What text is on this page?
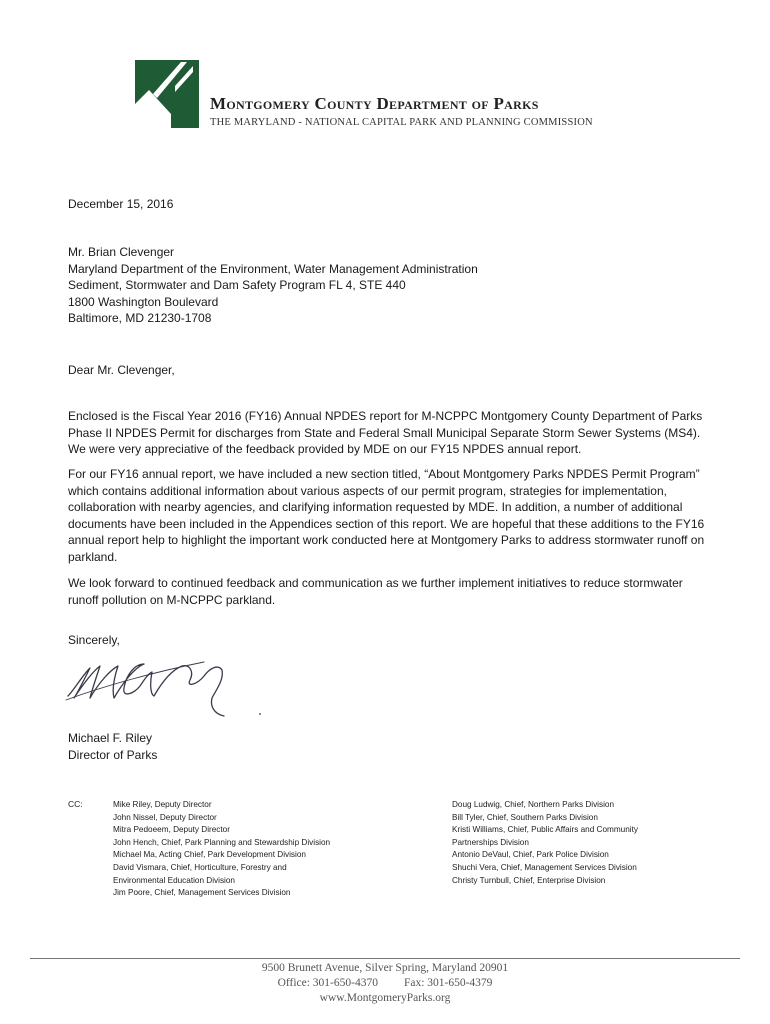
Montgomery County Department of Parks
THE MARYLAND - NATIONAL CAPITAL PARK AND PLANNING COMMISSION
December 15, 2016
Mr. Brian Clevenger
Maryland Department of the Environment, Water Management Administration
Sediment, Stormwater and Dam Safety Program FL 4, STE 440
1800 Washington Boulevard
Baltimore, MD 21230-1708
Dear Mr. Clevenger,

Enclosed is the Fiscal Year 2016 (FY16) Annual NPDES report for M-NCPPC Montgomery County Department of Parks Phase II NPDES Permit for discharges from State and Federal Small Municipal Separate Storm Sewer Systems (MS4). We were very appreciative of the feedback provided by MDE on our FY15 NPDES annual report.

For our FY16 annual report, we have included a new section titled, “About Montgomery Parks NPDES Permit Program” which contains additional information about various aspects of our permit program, strategies for implementation, collaboration with nearby agencies, and clarifying information requested by MDE. In addition, a number of additional documents have been included in the Appendices section of this report. We are hopeful that these additions to the FY16 annual report help to highlight the important work conducted here at Montgomery Parks to address stormwater runoff on parkland.

We look forward to continued feedback and communication as we further implement initiatives to reduce stormwater runoff pollution on M-NCPPC parkland.

Sincerely,
Michael F. Riley
Director of Parks
CC:	Mike Riley, Deputy Director
John Nissel, Deputy Director
Mitra Pedoeem, Deputy Director
John Hench, Chief, Park Planning and Stewardship Division
Michael Ma, Acting Chief, Park Development Division
David Vismara, Chief, Horticulture, Forestry and
Environmental Education Division
Jim Poore, Chief, Management Services Division
Doug Ludwig, Chief, Northern Parks Division
Bill Tyler, Chief, Southern Parks Division
Kristi Williams, Chief, Public Affairs and Community
Partnerships Division
Antonio DeVaul, Chief, Park Police Division
Shuchi Vera, Chief, Management Services Division
Christy Turnbull, Chief, Enterprise Division
9500 Brunett Avenue, Silver Spring, Maryland 20901
Office: 301-650-4370 Fax: 301-650-4379
www.MontgomeryParks.org
